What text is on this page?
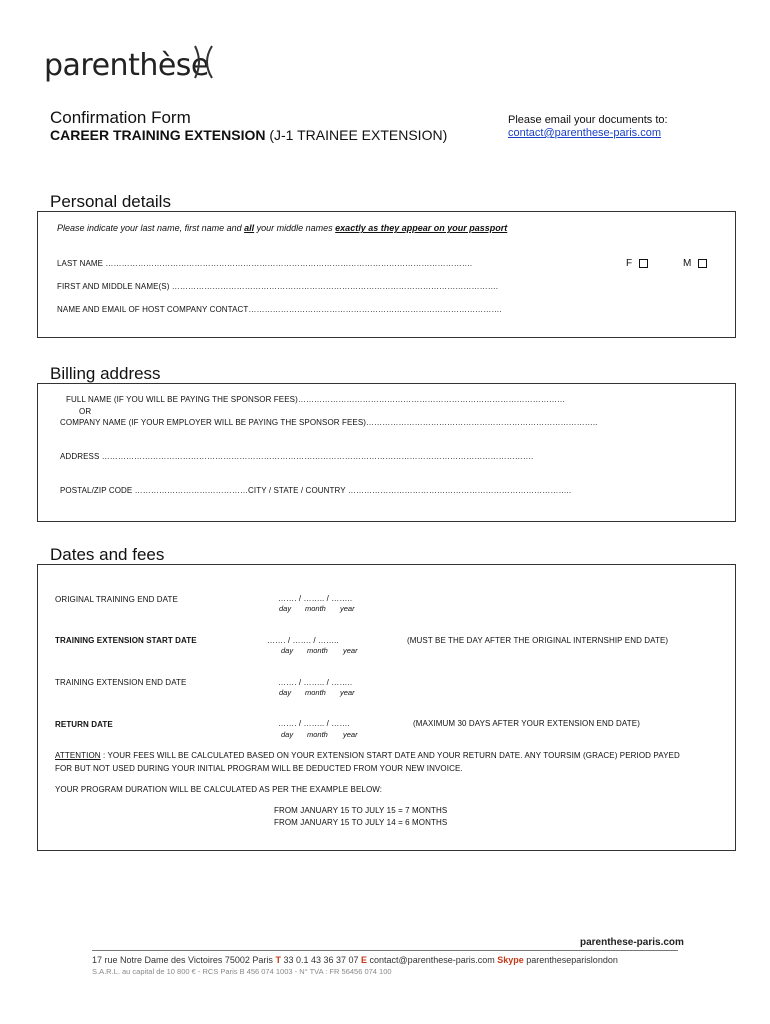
parenthèse
Confirmation Form
CAREER TRAINING EXTENSION (J-1 TRAINEE EXTENSION)
Please email your documents to:
contact@parenthese-paris.com
Personal details
Please indicate your last name, first name and all your middle names exactly as they appear on your passport
LAST NAME ……………………………………………………………………………………………………………………….	F	M
FIRST AND MIDDLE NAME(S) ………………………………………………………………………………………………………….
NAME AND EMAIL OF HOST COMPANY CONTACT………………………………………………………………………………….
Billing address
FULL NAME (IF YOU WILL BE PAYING THE SPONSOR FEES)………………………………………………………………………………………
OR
COMPANY NAME (IF YOUR EMPLOYER WILL BE PAYING THE SPONSOR FEES)…………………………………………………………………………..
ADDRESS …………………………………………………………………………………………………………………………………………….
POSTAL/ZIP CODE ……………………………………CITY / STATE / COUNTRY ………………………………………………………………………..
Dates and fees
ORIGINAL TRAINING END DATE	……. / …….. / ……..
day month year
TRAINING EXTENSION START DATE	……. / ……. / ……..	(MUST BE THE DAY AFTER THE ORIGINAL INTERNSHIP END DATE)
day month year
TRAINING EXTENSION END DATE	……. / …….. / ……..
day month year
RETURN DATE	……. / …….. / …….	(MAXIMUM 30 DAYS AFTER YOUR EXTENSION END DATE)
day month year
ATTENTION : YOUR FEES WILL BE CALCULATED BASED ON YOUR EXTENSION START DATE AND YOUR RETURN DATE. ANY TOURSIM (GRACE) PERIOD PAYED
FOR BUT NOT USED DURING YOUR INITIAL PROGRAM WILL BE DEDUCTED FROM YOUR NEW INVOICE.
YOUR PROGRAM DURATION WILL BE CALCULATED AS PER THE EXAMPLE BELOW:
FROM JANUARY 15 TO JULY 15 = 7 MONTHS
FROM JANUARY 15 TO JULY 14 = 6 MONTHS
parenthese-paris.com
17 rue Notre Dame des Victoires 75002 Paris T 33 0.1 43 36 37 07 E contact@parenthese-paris.com Skype parentheseparislondon
S.A.R.L. au capital de 10 800 € - RCS Paris B 456 074 1003 - N° TVA : FR 56456 074 100
